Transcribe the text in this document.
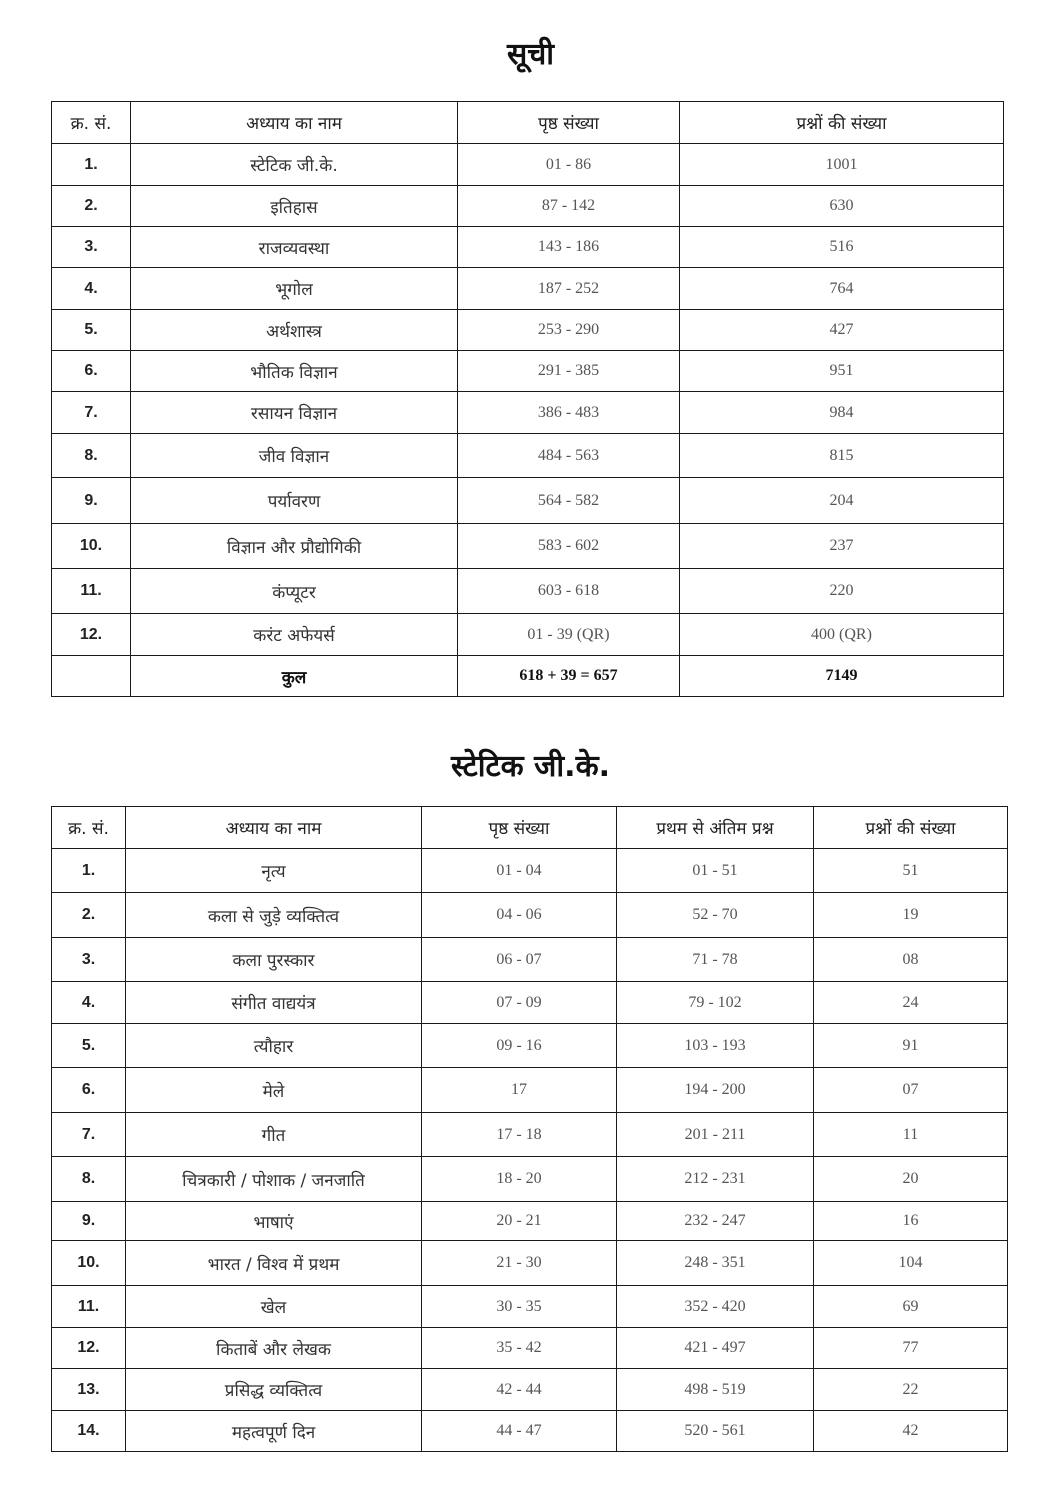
सूची
क्र. सं.	अध्याय का नाम	पृष्ठ संख्या	प्रश्नों की संख्या
1.	स्टेटिक जी.के.	01 - 86	1001
2.	इतिहास	87 - 142	630
3.	राजव्यवस्था	143 - 186	516
4.	भूगोल	187 - 252	764
5.	अर्थशास्त्र	253 - 290	427
6.	भौतिक विज्ञान	291 - 385	951
7.	रसायन विज्ञान	386 - 483	984
8.	जीव विज्ञान	484 - 563	815
9.	पर्यावरण	564 - 582	204
10.	विज्ञान और प्रौद्योगिकी	583 - 602	237
11.	कंप्यूटर	603 - 618	220
12.	करंट अफेयर्स	01 - 39 (QR)	400 (QR)
	कुल	618 + 39 = 657	7149
स्टेटिक जी.के.
क्र. सं.	अध्याय का नाम	पृष्ठ संख्या	प्रथम से अंतिम प्रश्न	प्रश्नों की संख्या
1.	नृत्य	01 - 04	01 - 51	51
2.	कला से जुड़े व्यक्तित्व	04 - 06	52 - 70	19
3.	कला पुरस्कार	06 - 07	71 - 78	08
4.	संगीत वाद्ययंत्र	07 - 09	79 - 102	24
5.	त्यौहार	09 - 16	103 - 193	91
6.	मेले	17	194 - 200	07
7.	गीत	17 - 18	201 - 211	11
8.	चित्रकारी / पोशाक / जनजाति	18 - 20	212 - 231	20
9.	भाषाएं	20 - 21	232 - 247	16
10.	भारत / विश्व में प्रथम	21 - 30	248 - 351	104
11.	खेल	30 - 35	352 - 420	69
12.	किताबें और लेखक	35 - 42	421 - 497	77
13.	प्रसिद्ध व्यक्तित्व	42 - 44	498 - 519	22
14.	महत्वपूर्ण दिन	44 - 47	520 - 561	42
